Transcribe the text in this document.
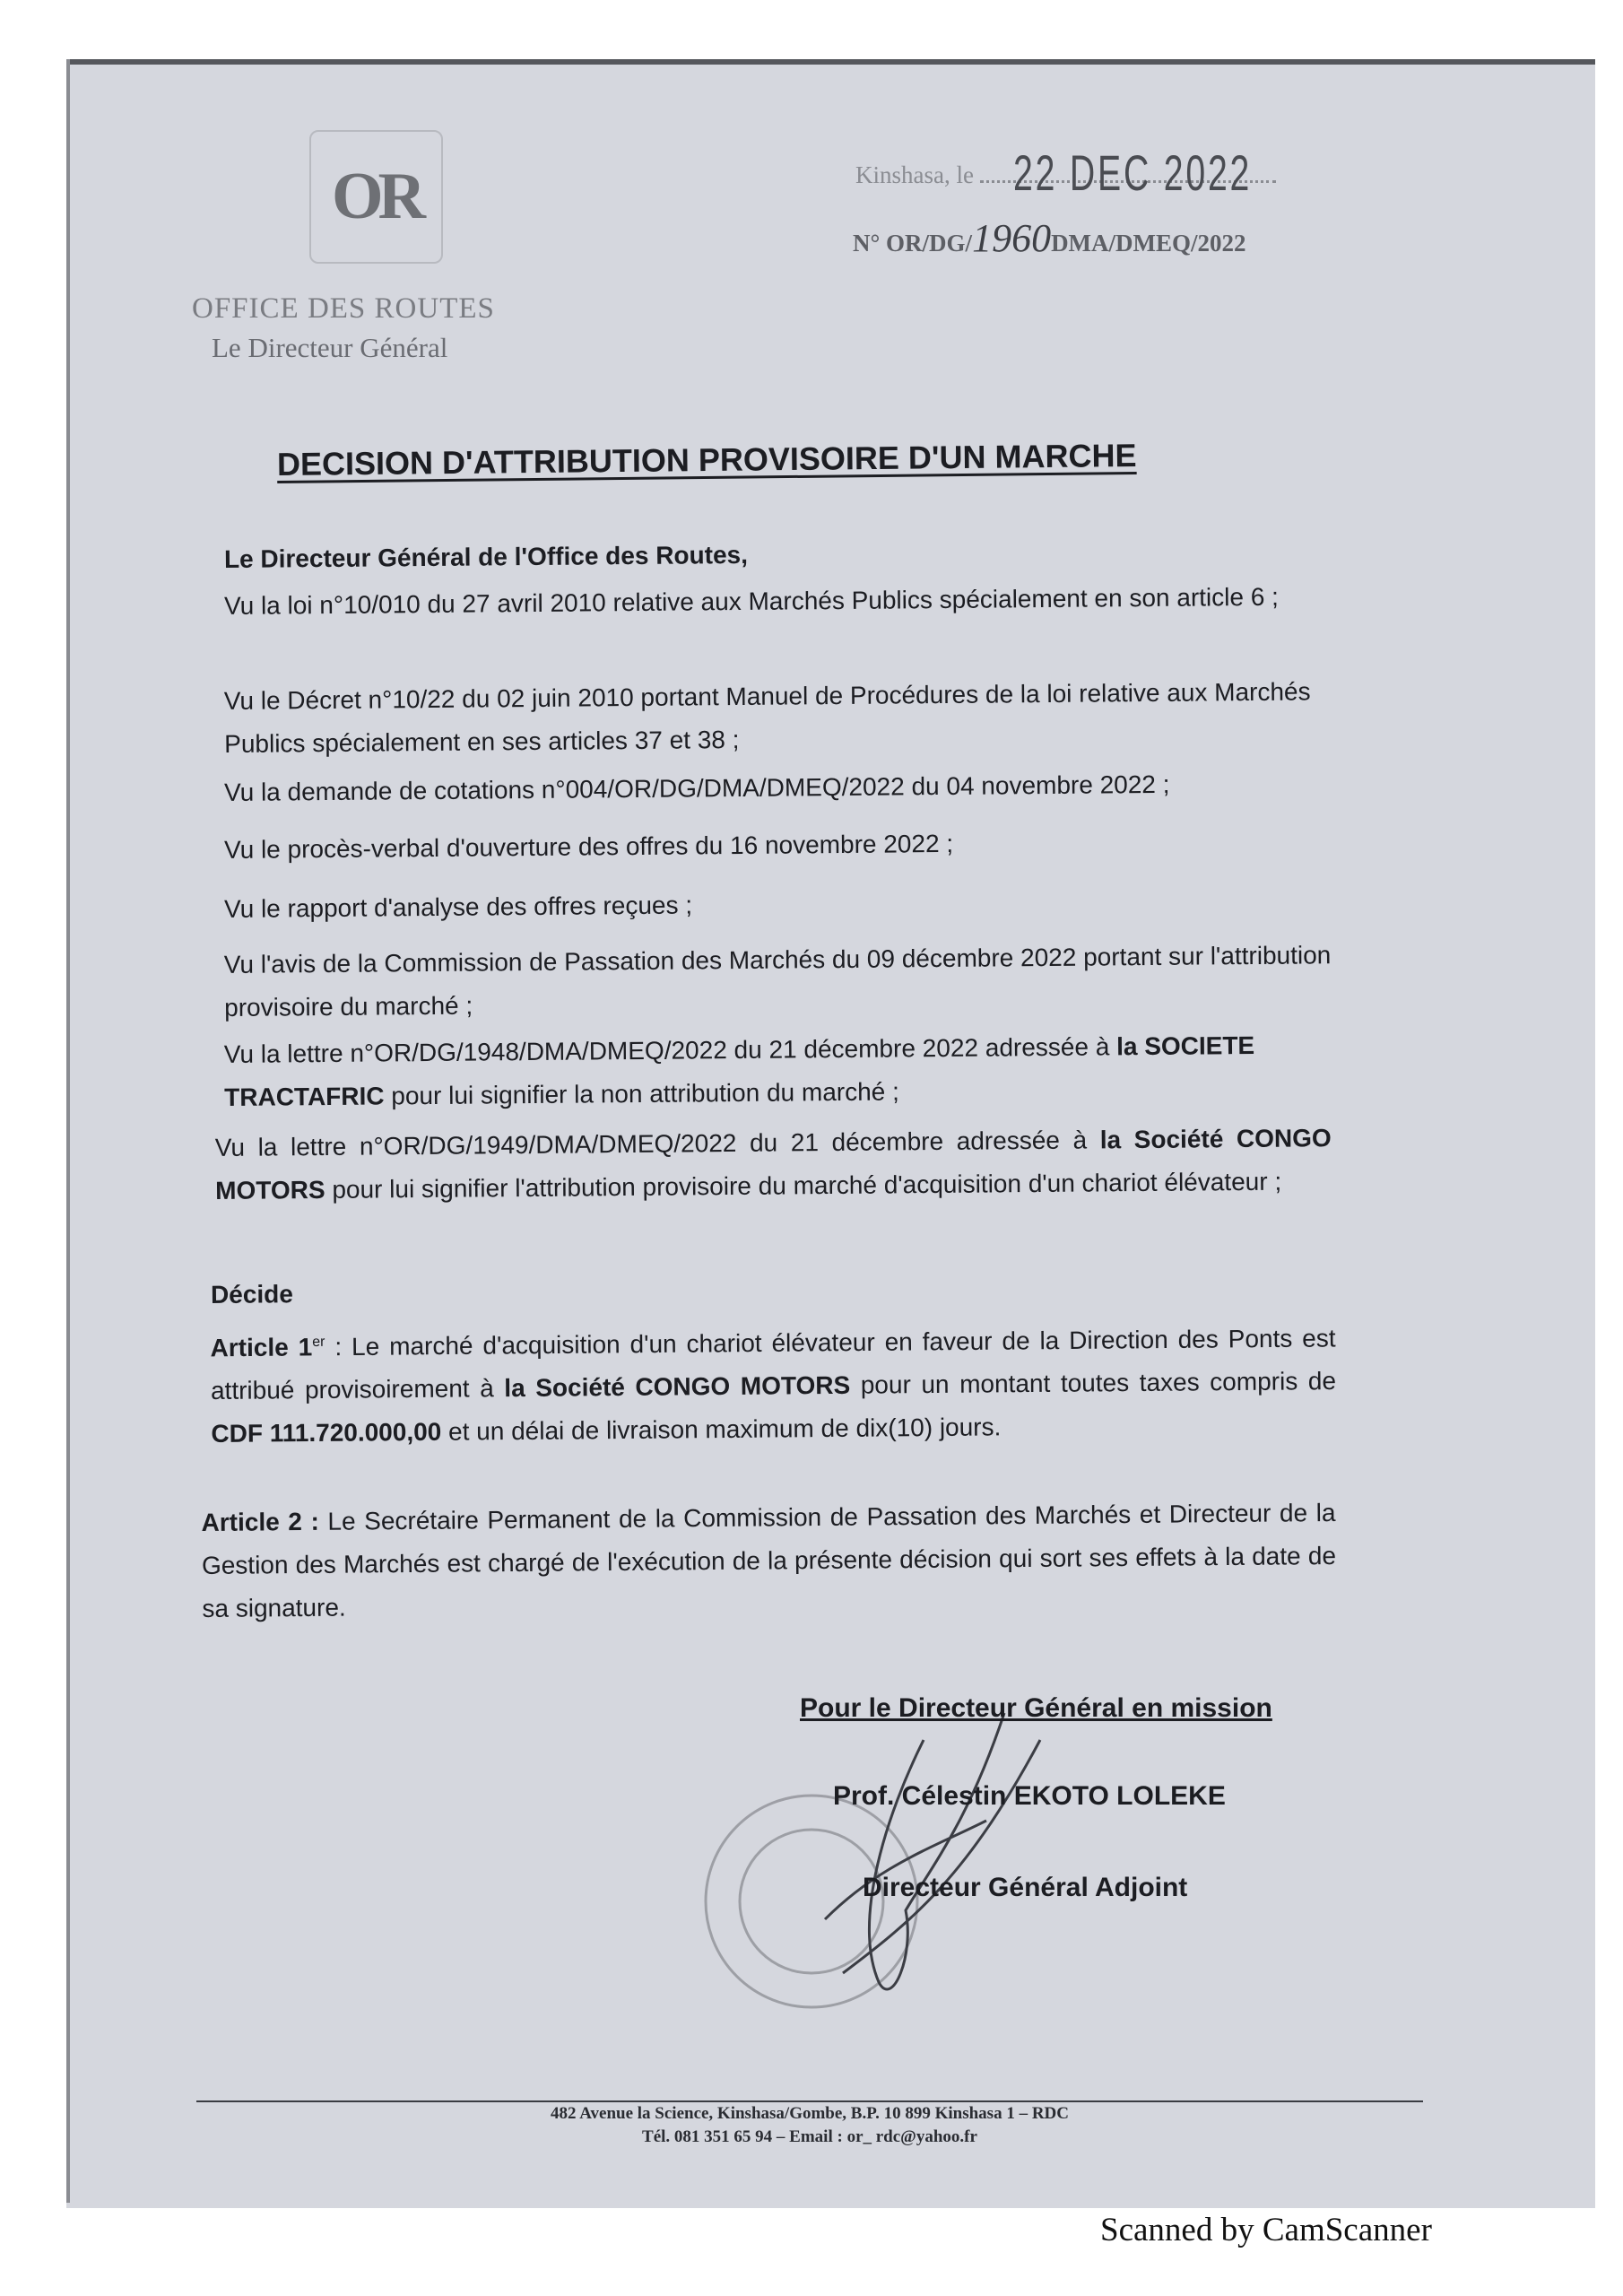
OR
OFFICE DES ROUTES
Le Directeur Général
Kinshasa, le 22 DEC 2022
N° OR/DG/1960DMA/DMEQ/2022
DECISION D'ATTRIBUTION PROVISOIRE D'UN MARCHE
Le Directeur Général de l'Office des Routes,
Vu la loi n°10/010 du 27 avril 2010 relative aux Marchés Publics spécialement en son article 6 ;
Vu le Décret n°10/22 du 02 juin 2010 portant Manuel de Procédures de la loi relative aux Marchés Publics spécialement en ses articles 37 et 38 ;
Vu la demande de cotations n°004/OR/DG/DMA/DMEQ/2022 du 04 novembre 2022 ;
Vu le procès-verbal d'ouverture des offres du 16 novembre 2022 ;
Vu le rapport d'analyse des offres reçues ;
Vu l'avis de la Commission de Passation des Marchés du 09 décembre 2022 portant sur l'attribution provisoire du marché ;
Vu la lettre n°OR/DG/1948/DMA/DMEQ/2022 du 21 décembre 2022 adressée à la SOCIETE TRACTAFRIC pour lui signifier la non attribution du marché ;
Vu la lettre n°OR/DG/1949/DMA/DMEQ/2022 du 21 décembre adressée à la Société CONGO MOTORS pour lui signifier l'attribution provisoire du marché d'acquisition d'un chariot élévateur ;
Décide
Article 1er : Le marché d'acquisition d'un chariot élévateur en faveur de la Direction des Ponts est attribué provisoirement à la Société CONGO MOTORS pour un montant toutes taxes compris de CDF 111.720.000,00 et un délai de livraison maximum de dix(10) jours.
Article 2 : Le Secrétaire Permanent de la Commission de Passation des Marchés et Directeur de la Gestion des Marchés est chargé de l'exécution de la présente décision qui sort ses effets à la date de sa signature.
Pour le Directeur Général en mission
Prof. Célestin EKOTO LOLEKE
Directeur Général Adjoint
482 Avenue la Science, Kinshasa/Gombe, B.P. 10 899 Kinshasa 1 – RDC
Tél. 081 351 65 94 – Email : or_ rdc@yahoo.fr
Scanned by CamScanner
